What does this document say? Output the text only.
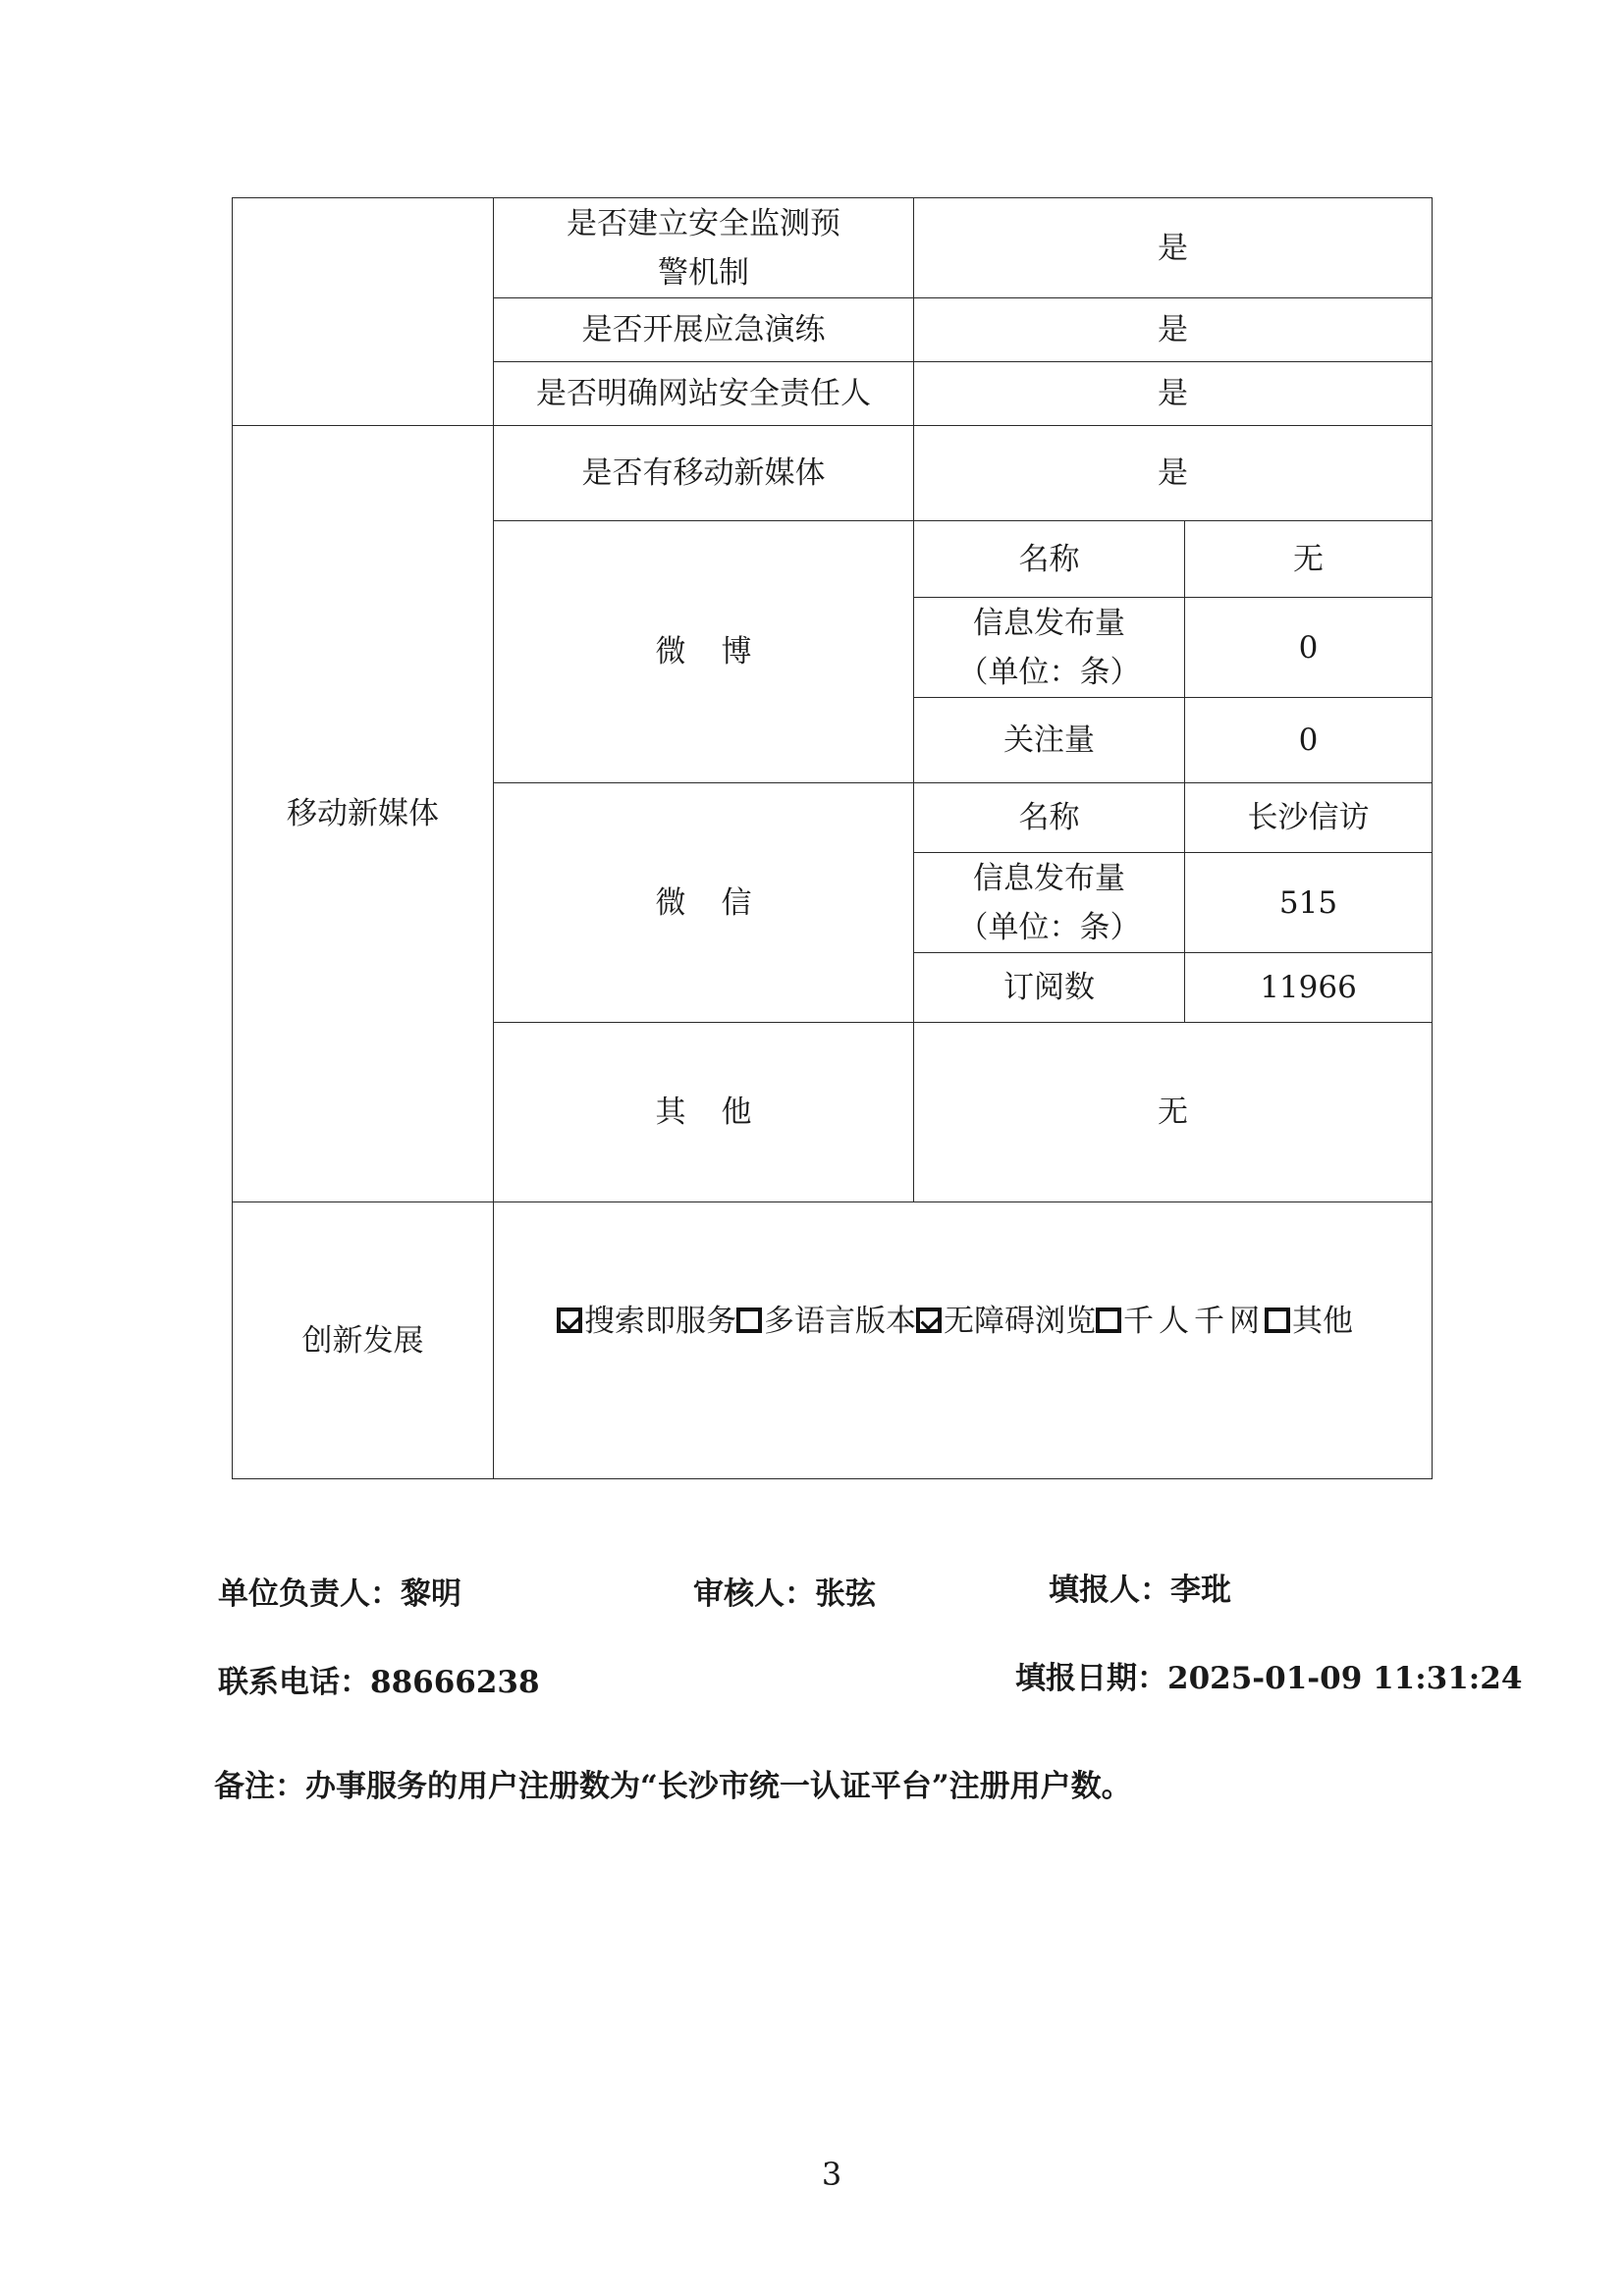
	是否建立安全监测预警机制	是	
	是否开展应急演练	是	
	是否明确网站安全责任人	是	
移动新媒体	是否有移动新媒体	是	
	微博	名称	无
		信息发布量（单位：条）	0
		关注量	0
	微信	名称	长沙信访
		信息发布量（单位：条）	515
		订阅数	11966
	其他	无	
创新发展	搜索即服务 多语言版本 无障碍浏览 千人千网 其他		
单位负责人：黎明	审核人：张弦	填报人：李玭
联系电话：88666238	填报日期：2025-01-09 11:31:24
备注：办事服务的用户注册数为“长沙市统一认证平台”注册用户数。
3
